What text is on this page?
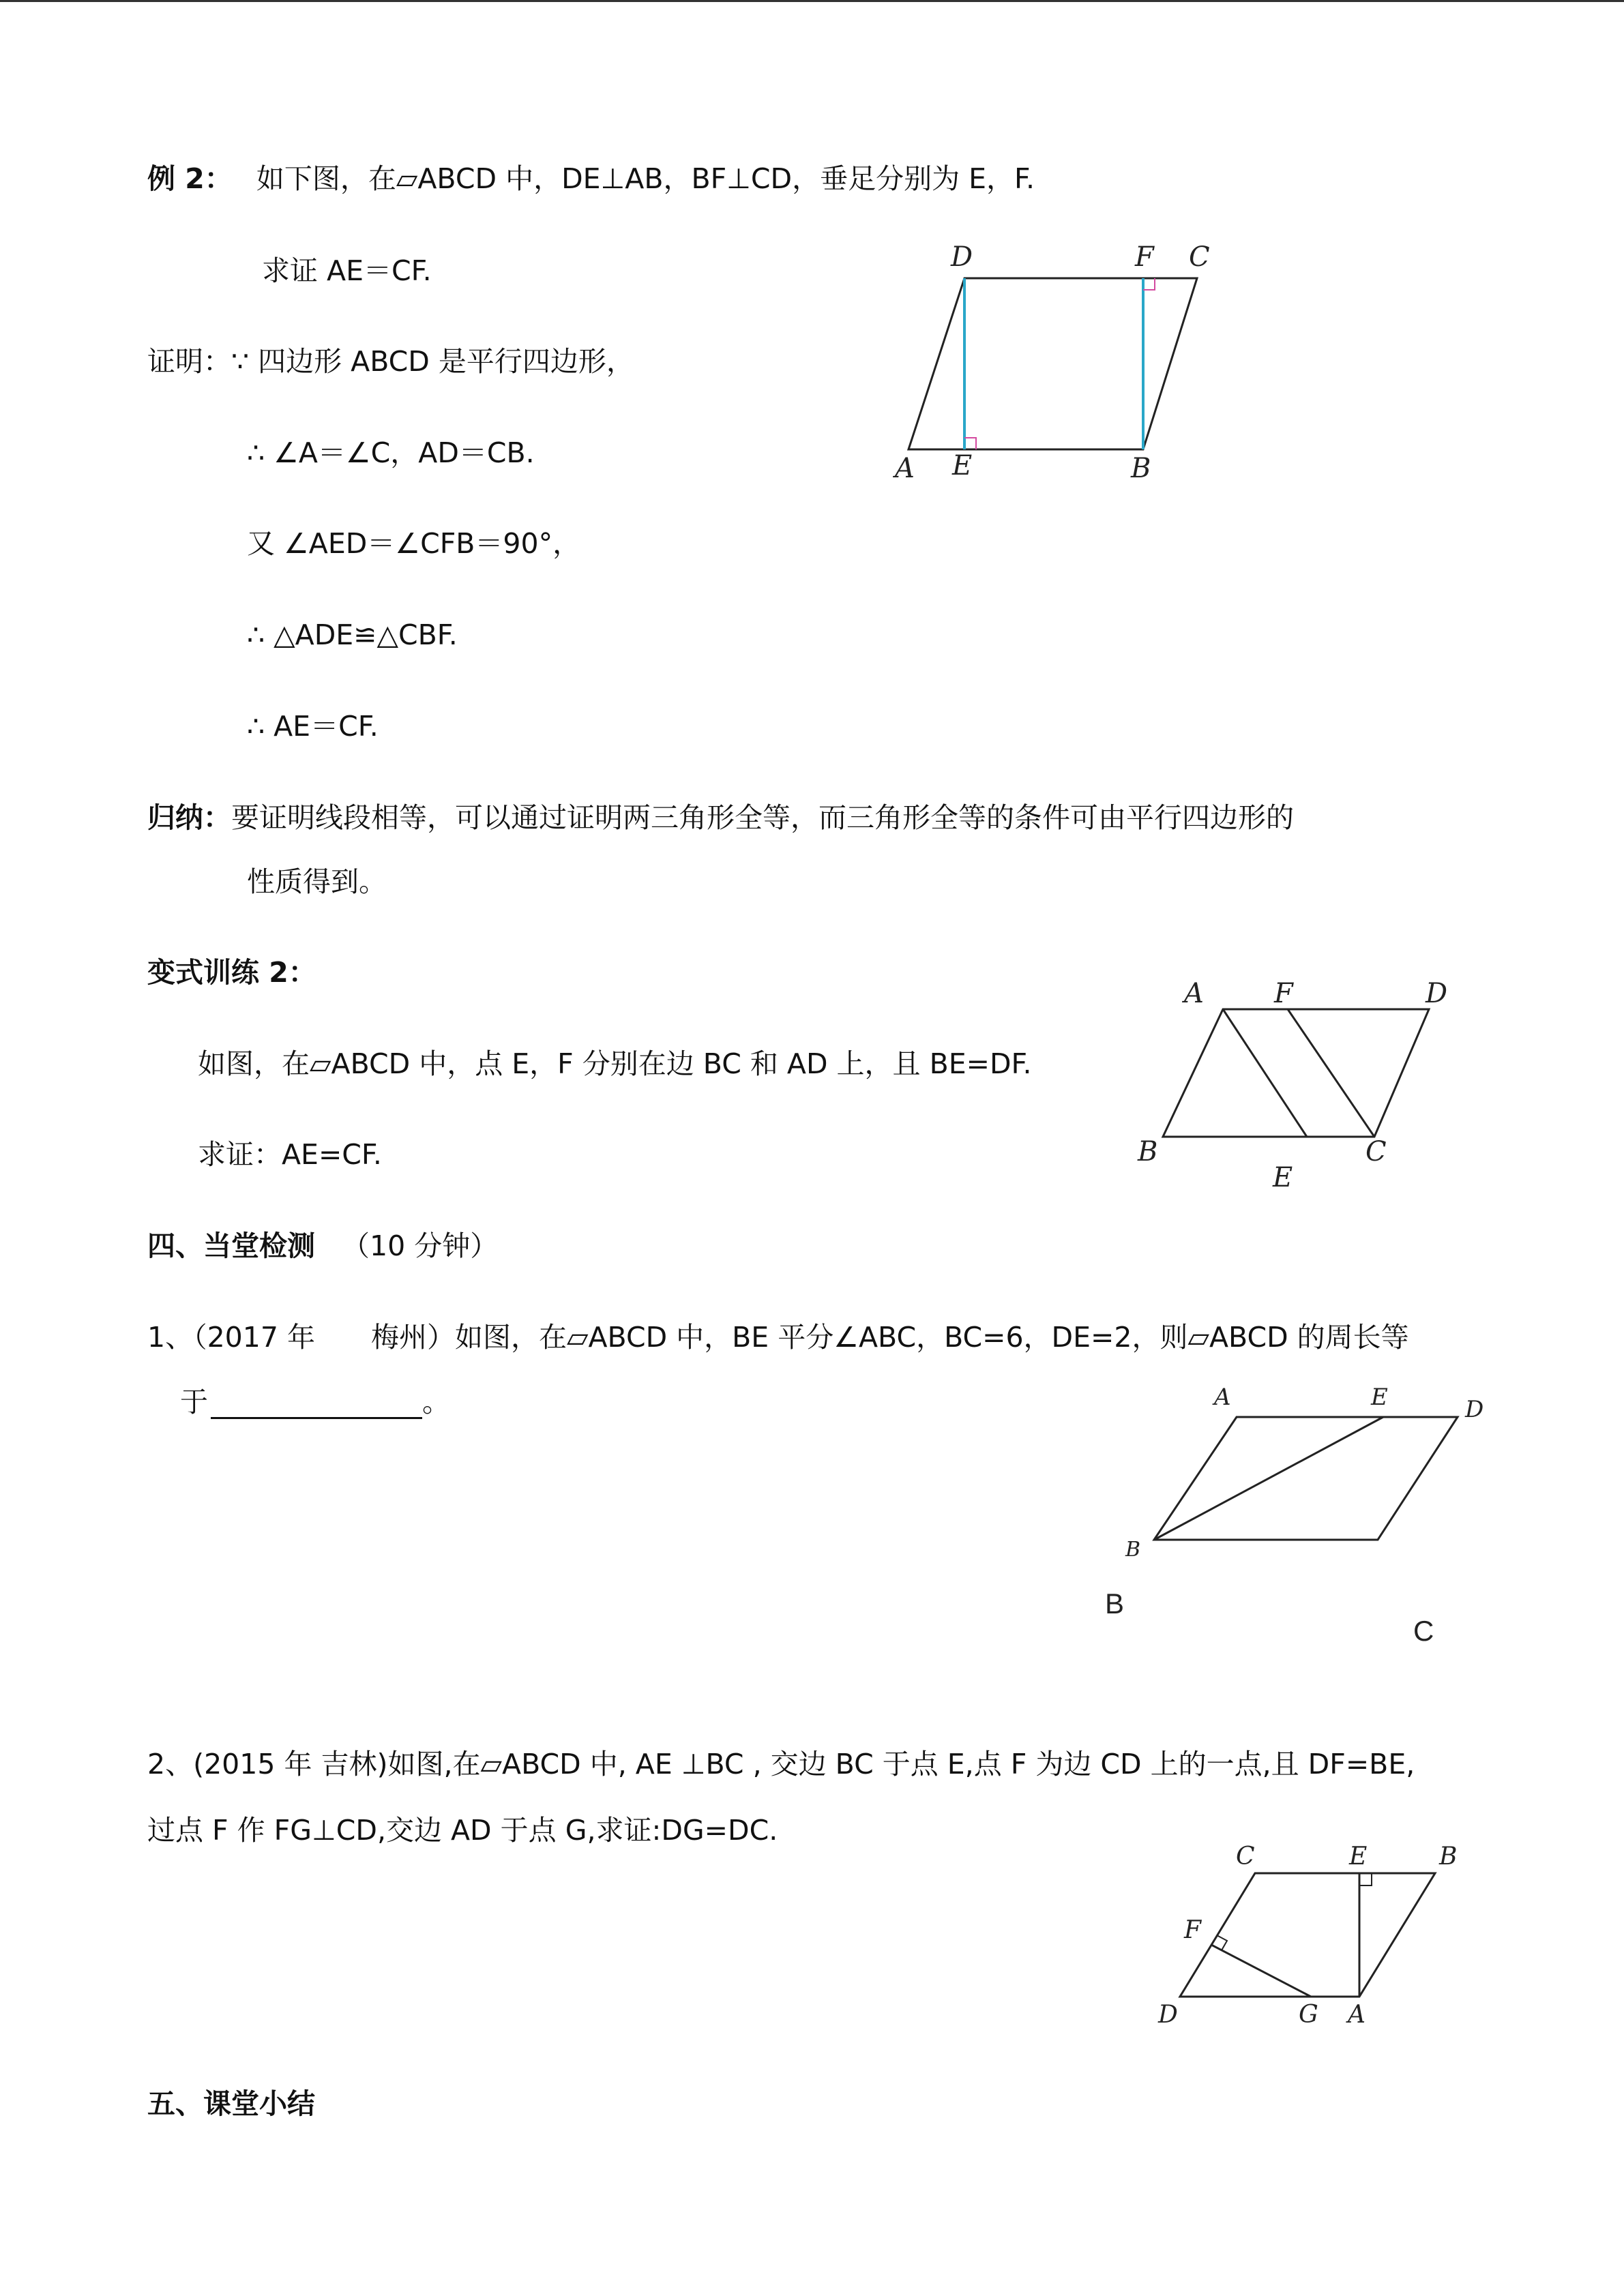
例 2： 如下图，在▱ABCD 中，DE⊥AB，BF⊥CD，垂足分别为 E，F.
求证 AE＝CF.
证明：∵ 四边形 ABCD 是平行四边形，
∴ ∠A＝∠C，AD＝CB.
又 ∠AED＝∠CFB＝90°，
∴ △ADE≌△CBF.
∴ AE＝CF.
D	F C
A E	B
归纳：要证明线段相等，可以通过证明两三角形全等，而三角形全等的条件可由平行四边形的
性质得到。
变式训练 2：
如图，在▱ABCD 中，点 E，F 分别在边 BC 和 AD 上，且 BE=DF.
求证：AE=CF.
A	F	D
B	C
E
四、当堂检测 （10 分钟）
1、（2017 年　　梅州）如图，在▱ABCD 中，BE 平分∠ABC，BC=6，DE=2，则▱ABCD 的周长等
于	。	A	E	D
B
B
C
2、(2015 年 吉林)如图,在▱ABCD 中, AE ⊥BC , 交边 BC 于点 E,点 F 为边 CD 上的一点,且 DF=BE,
过点 F 作 FG⊥CD,交边 AD 于点 G,求证:DG=DC.
C	E	B
F
D	G A
五、课堂小结
